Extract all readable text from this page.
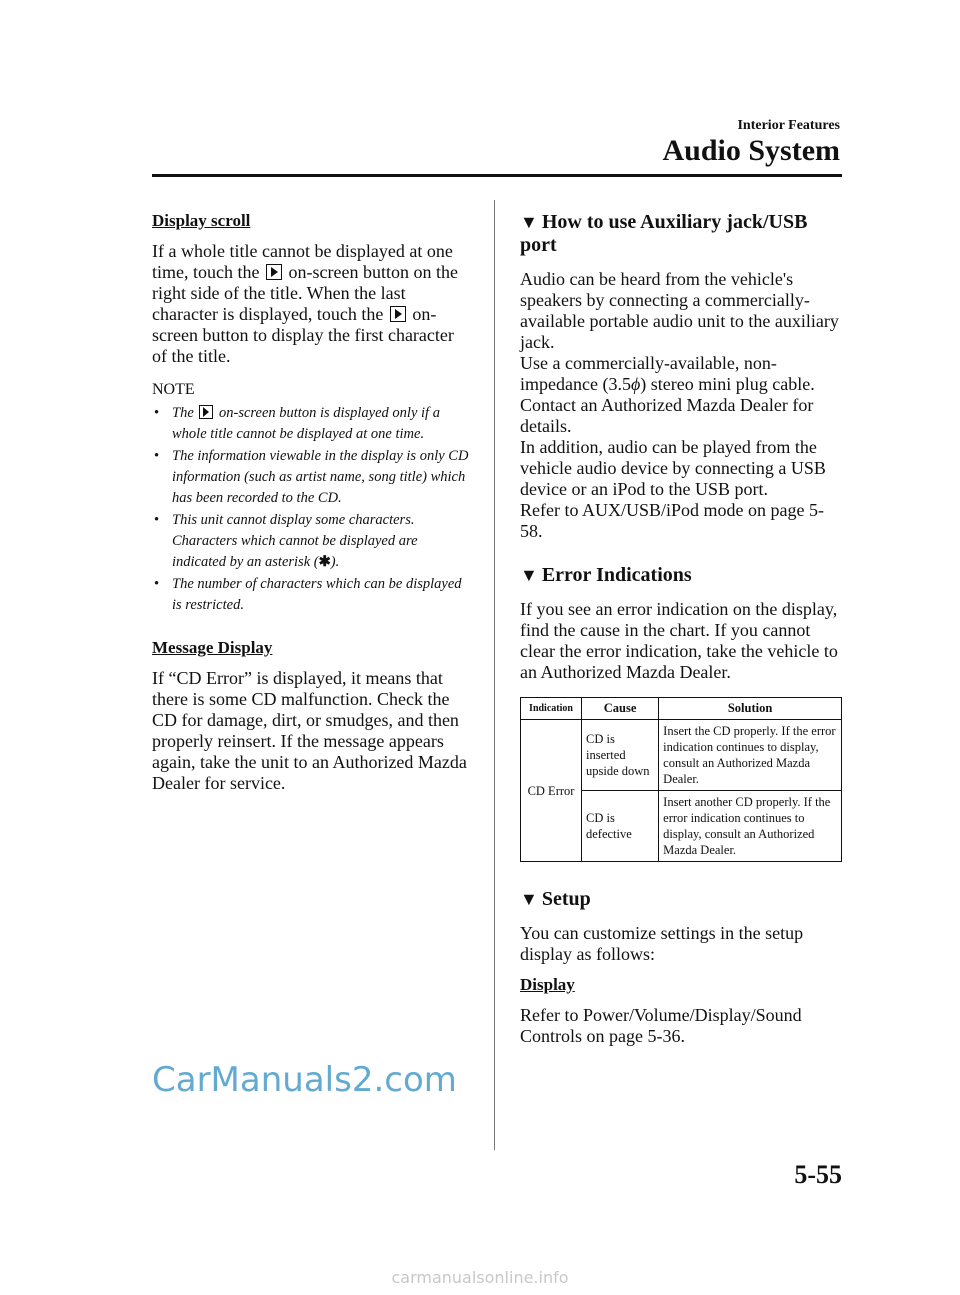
Interior Features
Audio System
Display scroll

If a whole title cannot be displayed at one time, touch the on-screen button on the right side of the title. When the last character is displayed, touch the on-screen button to display the first character of the title.

NOTE
• The on-screen button is displayed only if a whole title cannot be displayed at one time.
• The information viewable in the display is only CD information (such as artist name, song title) which has been recorded to the CD.
• This unit cannot display some characters. Characters which cannot be displayed are indicated by an asterisk (✱).
• The number of characters which can be displayed is restricted.
Message Display

If “CD Error” is displayed, it means that there is some CD malfunction. Check the CD for damage, dirt, or smudges, and then properly reinsert. If the message appears again, take the unit to an Authorized Mazda Dealer for service.

▼ How to use Auxiliary jack/USB port

Audio can be heard from the vehicle's speakers by connecting a commercially-available portable audio unit to the auxiliary jack.

Use a commercially-available, non-impedance (3.5ϕ) stereo mini plug cable.

Contact an Authorized Mazda Dealer for details.

In addition, audio can be played from the vehicle audio device by connecting a USB device or an iPod to the USB port.

Refer to AUX/USB/iPod mode on page 5-58.

▼ Error Indications

If you see an error indication on the display, find the cause in the chart. If you cannot clear the error indication, take the vehicle to an Authorized Mazda Dealer.

Indication	Cause	Solution
CD Error	CD is inserted upside down	Insert the CD properly. If the error indication continues to display, consult an Authorized Mazda Dealer.
	CD is defective	Insert another CD properly. If the error indication continues to display, consult an Authorized Mazda Dealer.
▼ Setup

You can customize settings in the setup display as follows:

Display

Refer to Power/Volume/Display/Sound Controls on page 5-36.

5-55
CarManuals2.com
carmanualsonline.info
